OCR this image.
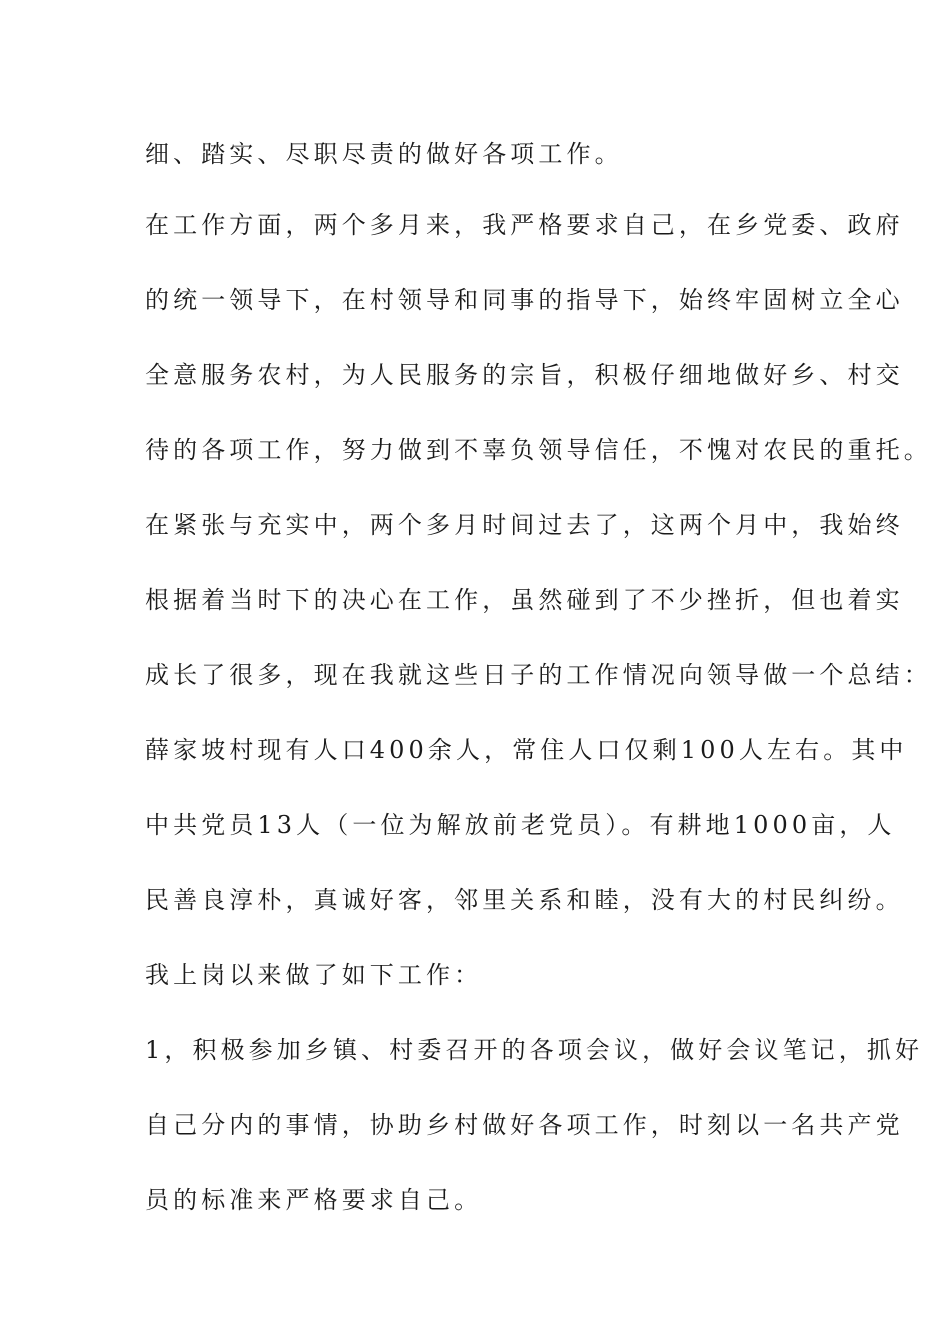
细、踏实、尽职尽责的做好各项工作。
在工作方面，两个多月来，我严格要求自己，在乡党委、政府
的统一领导下，在村领导和同事的指导下，始终牢固树立全心
全意服务农村，为人民服务的宗旨，积极仔细地做好乡、村交
待的各项工作，努力做到不辜负领导信任，不愧对农民的重托。
在紧张与充实中，两个多月时间过去了，这两个月中，我始终
根据着当时下的决心在工作，虽然碰到了不少挫折，但也着实
成长了很多，现在我就这些日子的工作情况向领导做一个总结：
薛家坡村现有人口400余人，常住人口仅剩100人左右。其中
中共党员13人（一位为解放前老党员）。有耕地1000亩，人
民善良淳朴，真诚好客，邻里关系和睦，没有大的村民纠纷。
我上岗以来做了如下工作：
1，积极参加乡镇、村委召开的各项会议，做好会议笔记，抓好
自己分内的事情，协助乡村做好各项工作，时刻以一名共产党
员的标准来严格要求自己。
